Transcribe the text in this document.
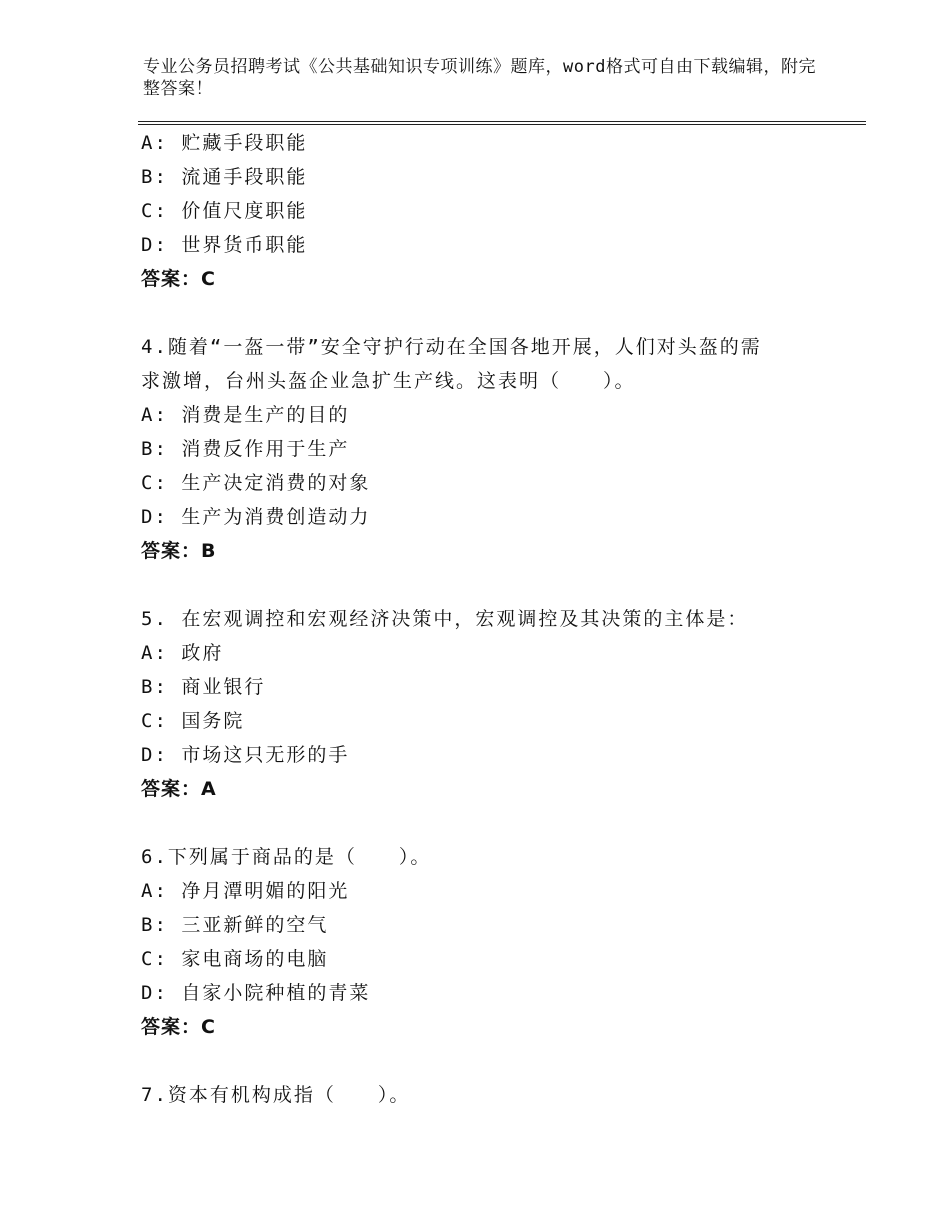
专业公务员招聘考试《公共基础知识专项训练》题库，word格式可自由下载编辑，附完整答案！
A: 贮藏手段职能
B: 流通手段职能
C: 价值尺度职能
D: 世界货币职能
答案：C
4.随着“一盔一带”安全守护行动在全国各地开展，人们对头盔的需
求激增，台州头盔企业急扩生产线。这表明（　　）。
A: 消费是生产的目的
B: 消费反作用于生产
C: 生产决定消费的对象
D: 生产为消费创造动力
答案：B
5. 在宏观调控和宏观经济决策中，宏观调控及其决策的主体是：
A: 政府
B: 商业银行
C: 国务院
D: 市场这只无形的手
答案：A
6.下列属于商品的是（　　）。
A: 净月潭明媚的阳光
B: 三亚新鲜的空气
C: 家电商场的电脑
D: 自家小院种植的青菜
答案：C
7.资本有机构成指（　　）。
